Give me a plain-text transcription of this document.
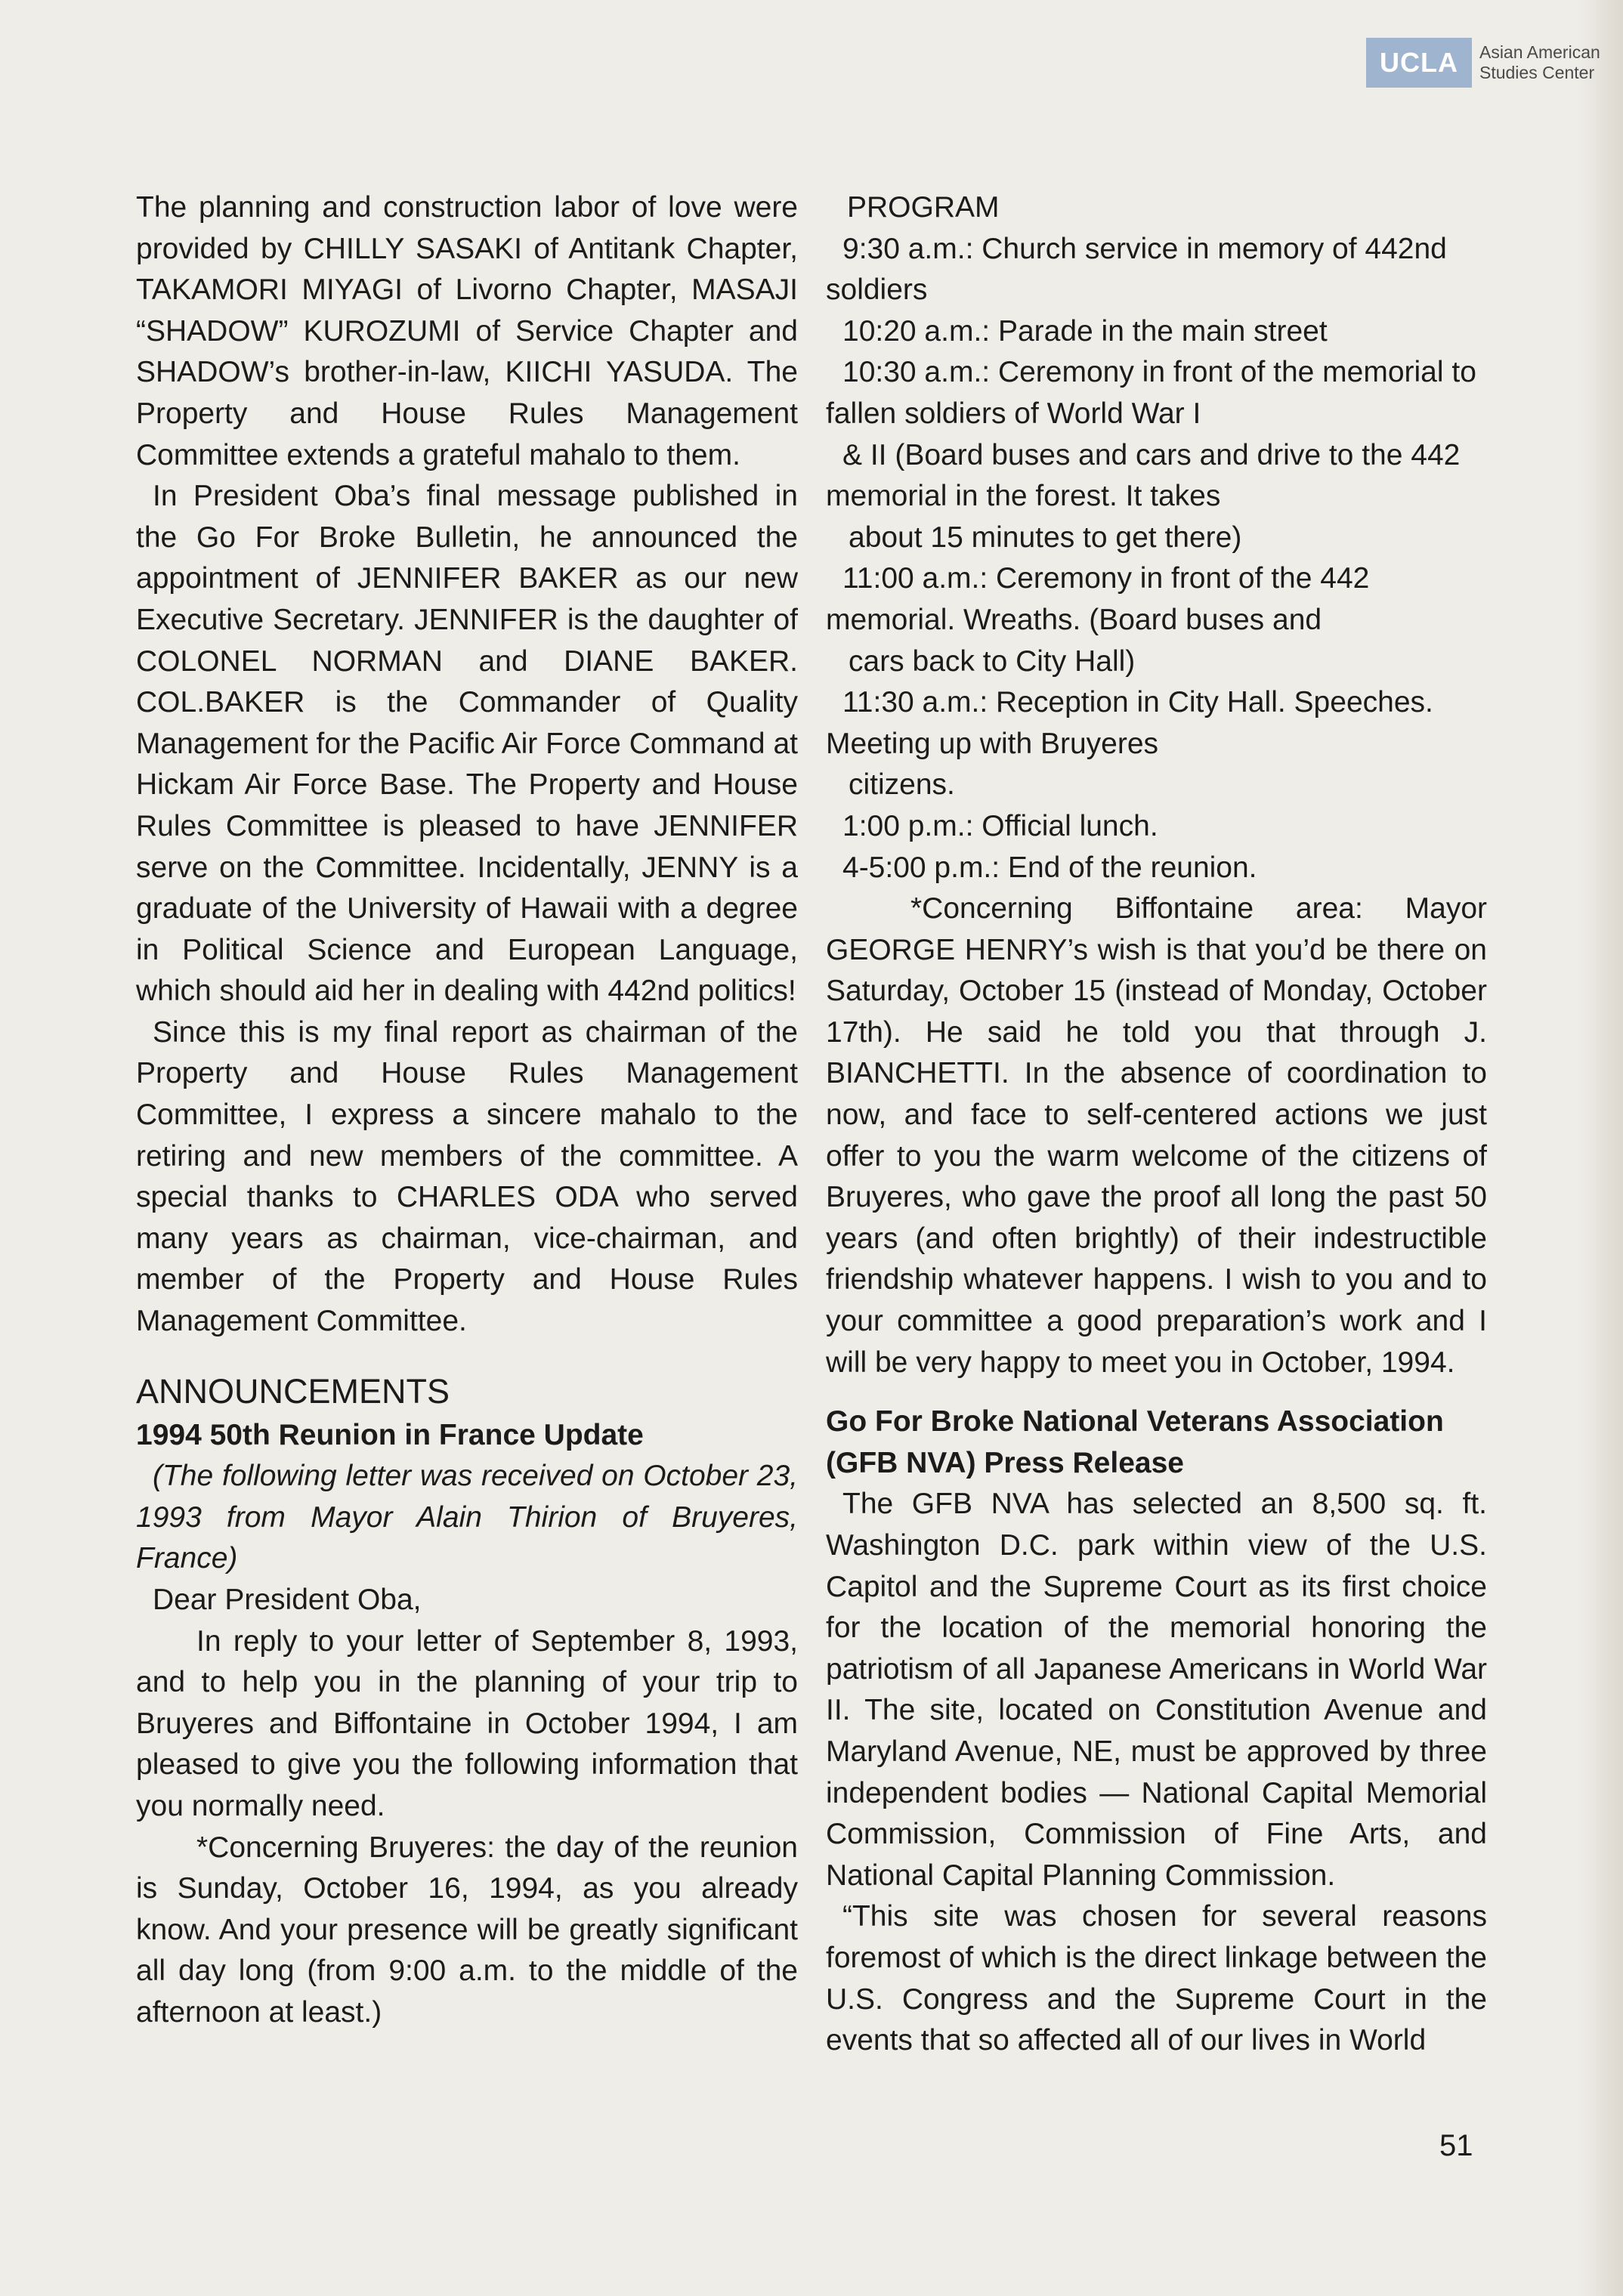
UCLA	Asian American
Studies Center

The planning and construction labor of love were provided by CHILLY SASAKI of Antitank Chapter, TAKAMORI MIYAGI of Livorno Chapter, MASAJI “SHADOW” KUROZUMI of Service Chapter and SHADOW’s brother-in-law, KIICHI YASUDA. The Property and House Rules Management Committee extends a grateful mahalo to them.

In President Oba’s final message published in the Go For Broke Bulletin, he announced the appointment of JENNIFER BAKER as our new Executive Secretary. JENNIFER is the daughter of COLONEL NORMAN and DIANE BAKER. COL.BAKER is the Commander of Quality Management for the Pacific Air Force Command at Hickam Air Force Base. The Property and House Rules Committee is pleased to have JENNIFER serve on the Committee. Incidentally, JENNY is a graduate of the University of Hawaii with a degree in Political Science and European Language, which should aid her in dealing with 442nd politics!

Since this is my final report as chairman of the Property and House Rules Management Committee, I express a sincere mahalo to the retiring and new members of the committee. A special thanks to CHARLES ODA who served many years as chairman, vice-chairman, and member of the Property and House Rules Management Committee.

ANNOUNCEMENTS

1994 50th Reunion in France Update

(The following letter was received on October 23, 1993 from Mayor Alain Thirion of Bruyeres, France)

Dear President Oba,

In reply to your letter of September 8, 1993, and to help you in the planning of your trip to Bruyeres and Biffontaine in October 1994, I am pleased to give you the following information that you normally need.

*Concerning Bruyeres: the day of the reunion is Sunday, October 16, 1994, as you already know. And your presence will be greatly significant all day long (from 9:00 a.m. to the middle of the afternoon at least.)

PROGRAM

9:30 a.m.: Church service in memory of 442nd soldiers

10:20 a.m.: Parade in the main street

10:30 a.m.: Ceremony in front of the memorial to fallen soldiers of World War I

& II (Board buses and cars and drive to the 442 memorial in the forest. It takes

about 15 minutes to get there)

11:00 a.m.: Ceremony in front of the 442 memorial. Wreaths. (Board buses and

cars back to City Hall)

11:30 a.m.: Reception in City Hall. Speeches. Meeting up with Bruyeres

citizens.

1:00 p.m.: Official lunch.

4-5:00 p.m.: End of the reunion.

*Concerning Biffontaine area: Mayor GEORGE HENRY’s wish is that you’d be there on Saturday, October 15 (instead of Monday, October 17th). He said he told you that through J. BIANCHETTI. In the absence of coordination to now, and face to self-centered actions we just offer to you the warm welcome of the citizens of Bruyeres, who gave the proof all long the past 50 years (and often brightly) of their indestructible friendship whatever happens. I wish to you and to your committee a good preparation’s work and I will be very happy to meet you in October, 1994.

Go For Broke National Veterans Association (GFB NVA) Press Release

The GFB NVA has selected an 8,500 sq. ft. Washington D.C. park within view of the U.S. Capitol and the Supreme Court as its first choice for the location of the memorial honoring the patriotism of all Japanese Americans in World War II. The site, located on Constitution Avenue and Maryland Avenue, NE, must be approved by three independent bodies — National Capital Memorial Commission, Commission of Fine Arts, and National Capital Planning Commission.

“This site was chosen for several reasons foremost of which is the direct linkage between the U.S. Congress and the Supreme Court in the events that so affected all of our lives in World

51
